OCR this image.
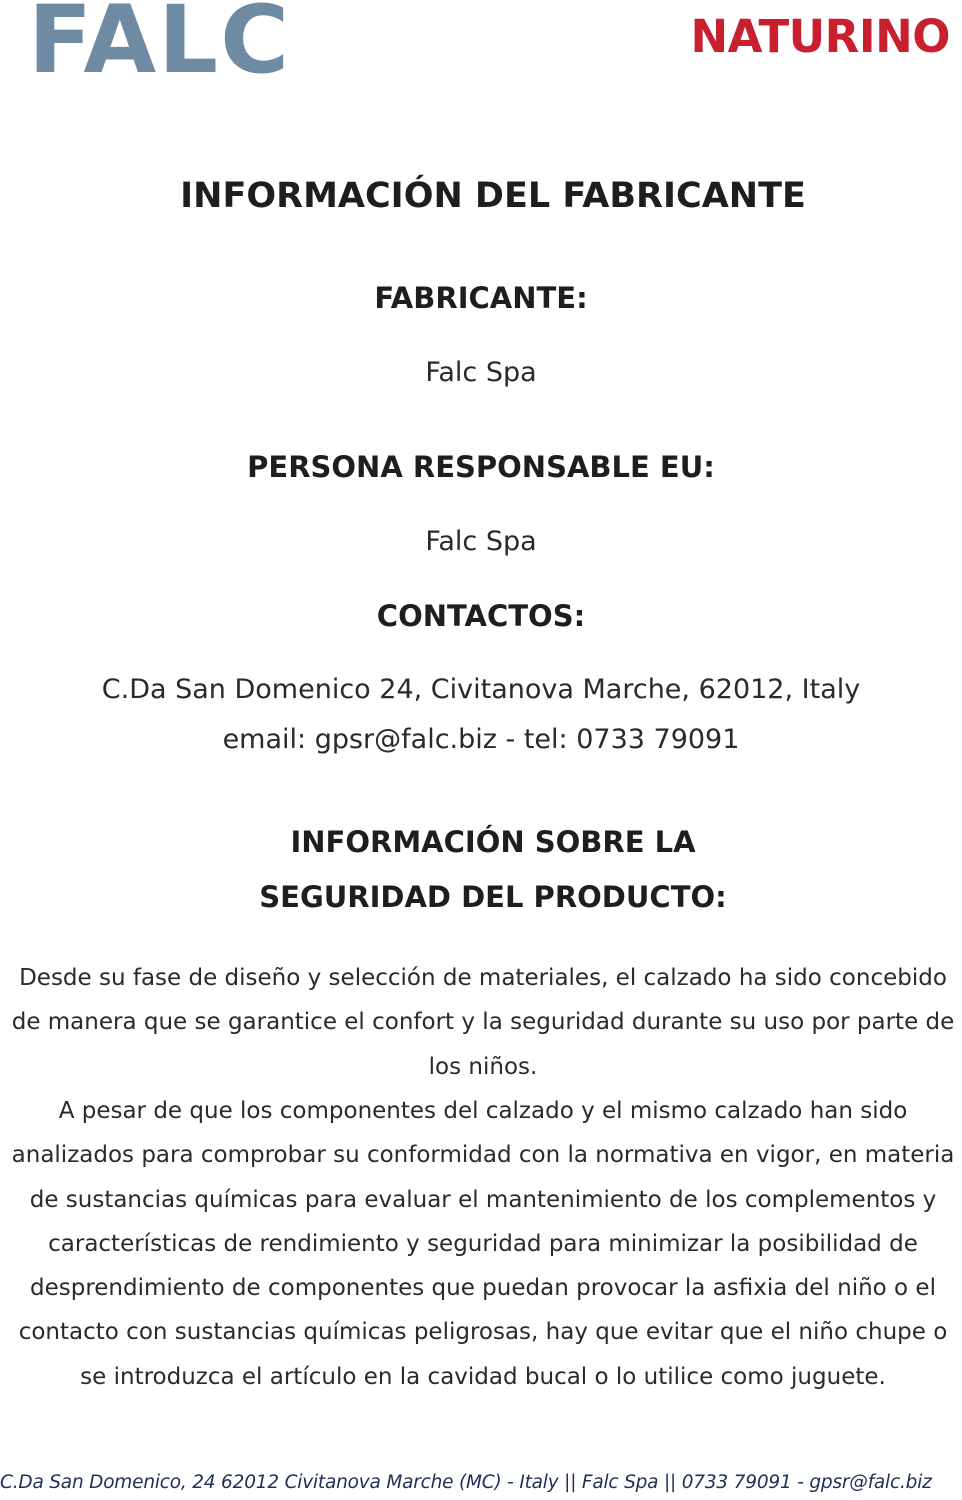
FALC	NATURINO
INFORMACIÓN DEL FABRICANTE
FABRICANTE:
Falc Spa
PERSONA RESPONSABLE EU:
Falc Spa
CONTACTOS:
C.Da San Domenico 24, Civitanova Marche, 62012, Italy
email: gpsr@falc.biz - tel: 0733 79091
INFORMACIÓN SOBRE LA
SEGURIDAD DEL PRODUCTO:
Desde su fase de diseño y selección de materiales, el calzado ha sido concebido de manera que se garantice el confort y la seguridad durante su uso por parte de los niños.
A pesar de que los componentes del calzado y el mismo calzado han sido analizados para comprobar su conformidad con la normativa en vigor, en materia de sustancias químicas para evaluar el mantenimiento de los complementos y características de rendimiento y seguridad para minimizar la posibilidad de desprendimiento de componentes que puedan provocar la asfixia del niño o el contacto con sustancias químicas peligrosas, hay que evitar que el niño chupe o se introduzca el artículo en la cavidad bucal o lo utilice como juguete.
C.Da San Domenico, 24 62012 Civitanova Marche (MC) - Italy || Falc Spa || 0733 79091 - gpsr@falc.biz
